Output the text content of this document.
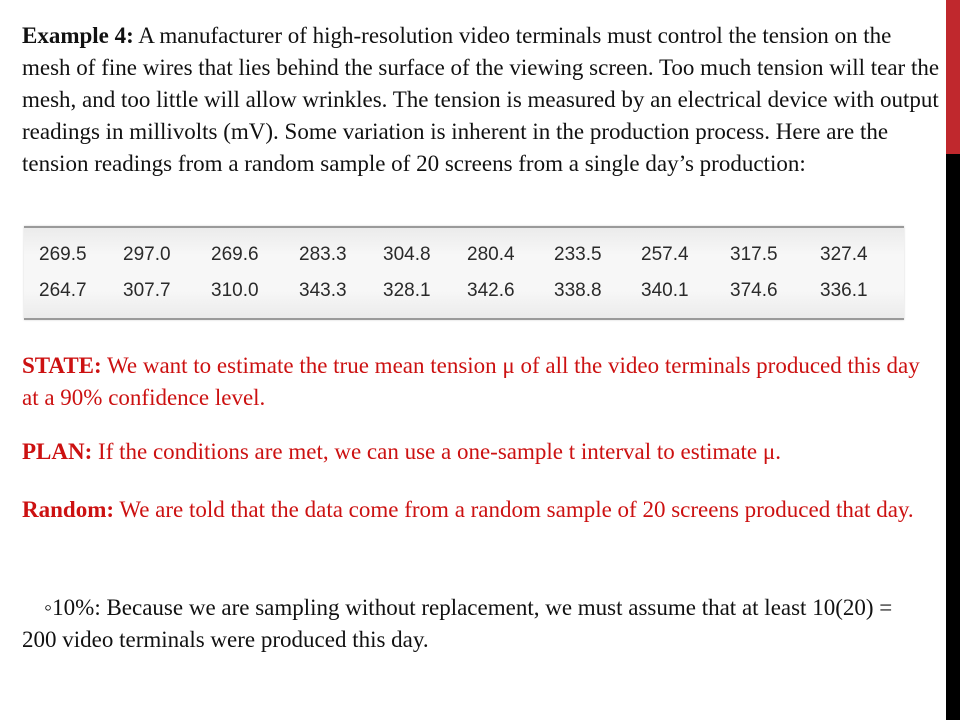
Example 4: A manufacturer of high-resolution video terminals must control the tension on the mesh of fine wires that lies behind the surface of the viewing screen. Too much tension will tear the mesh, and too little will allow wrinkles. The tension is measured by an electrical device with output readings in millivolts (mV). Some variation is inherent in the production process. Here are the tension readings from a random sample of 20 screens from a single day’s production:
269.5	297.0	269.6	283.3	304.8	280.4	233.5	257.4	317.5	327.4
264.7	307.7	310.0	343.3	328.1	342.6	338.8	340.1	374.6	336.1
STATE: We want to estimate the true mean tension μ of all the video terminals produced this day at a 90% confidence level.
PLAN: If the conditions are met, we can use a one-sample t interval to estimate μ.
Random: We are told that the data come from a random sample of 20 screens produced that day.
◦10%: Because we are sampling without replacement, we must assume that at least 10(20) = 200 video terminals were produced this day.
